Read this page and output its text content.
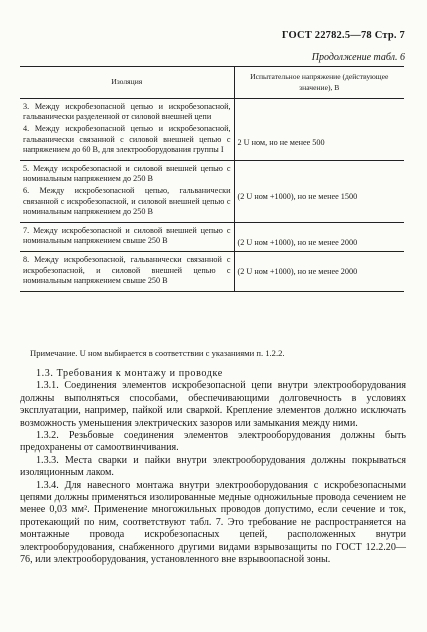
ГОСТ 22782.5—78 Стр. 7
Продолжение табл. 6
Изоляция	Испытательное напряжение (действующее значение), В

3. Между искробезопасной цепью и искробезопасной, гальванически разделенной от силовой внешней цепи
4. Между искробезопасной цепью и искробезопасной, гальванически связанной с силовой внешней цепью с напряжением до 60 В, для электрооборудования группы I	2 U ном, но не менее 500

5. Между искробезопасной и силовой внешней цепью с номинальным напряжением до 250 В
6. Между искробезопасной цепью, гальванически связанной с искробезопасной, и силовой внешней цепью с номинальным напряжением до 250 В	(2 U ном +1000), но не менее 1500

7. Между искробезопасной и силовой внешней цепью с номинальным напряжением свыше 250 В	(2 U ном +1000), но не менее 2000

8. Между искробезопасной, гальванически связанной с искробезопасной, и силовой внешней цепью с номинальным напряжением свыше 250 В	(2 U ном +1000), но не менее 2000
Примечание. U ном выбирается в соответствии с указаниями п. 1.2.2.

1.3. Требования к монтажу и проводке

1.3.1. Соединения элементов искробезопасной цепи внутри электрооборудования должны выполняться способами, обеспечивающими долговечность в условиях эксплуатации, например, пайкой или сваркой. Крепление элементов должно исключать возможность уменьшения электрических зазоров или замыкания между ними.

1.3.2. Резьбовые соединения элементов электрооборудования должны быть предохранены от самоотвинчивания.

1.3.3. Места сварки и пайки внутри электрооборудования должны покрываться изоляционным лаком.

1.3.4. Для навесного монтажа внутри электрооборудования с искробезопасными цепями должны применяться изолированные медные одножильные провода сечением не менее 0,03 мм². Применение многожильных проводов допустимо, если сечение и ток, протекающий по ним, соответствуют табл. 7. Это требование не распространяется на монтажные провода искробезопасных цепей, расположенных внутри электрооборудования, снабженного другими видами взрывозащиты по ГОСТ 12.2.20—76, или электрооборудования, установленного вне взрывоопасной зоны.
